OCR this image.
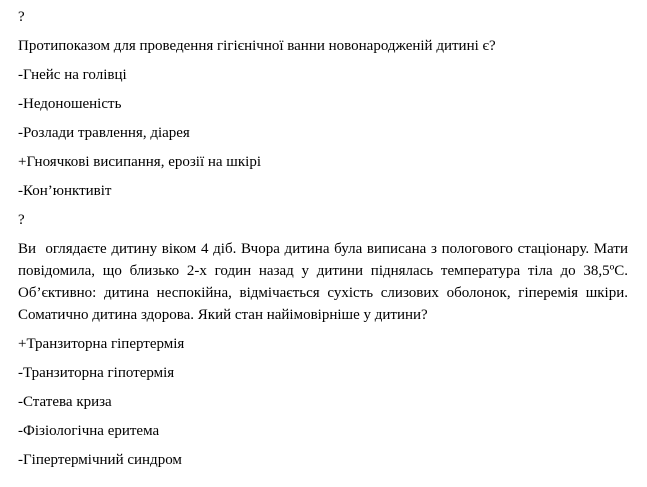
?

Протипоказом для проведення гігієнічної ванни новонародженій дитині є?

-Гнейс на голівці

-Недоношеність

-Розлади травлення, діарея

+Гноячкові висипання, ерозії на шкірі

-Кон’юнктивіт

?

Ви  оглядаєте дитину віком 4 діб. Вчора дитина була виписана з пологового стаціонару. Мати повідомила, що близько 2-х годин назад у дитини піднялась температура тіла до 38,5ºС. Об’єктивно: дитина неспокійна, відмічається сухість слизових оболонок, гіперемія шкіри. Соматично дитина здорова. Який стан найімовірніше у дитини?

+Транзиторна гіпертермія

-Транзиторна гіпотермія

-Статева криза

-Фізіологічна еритема

-Гіпертермічний синдром
